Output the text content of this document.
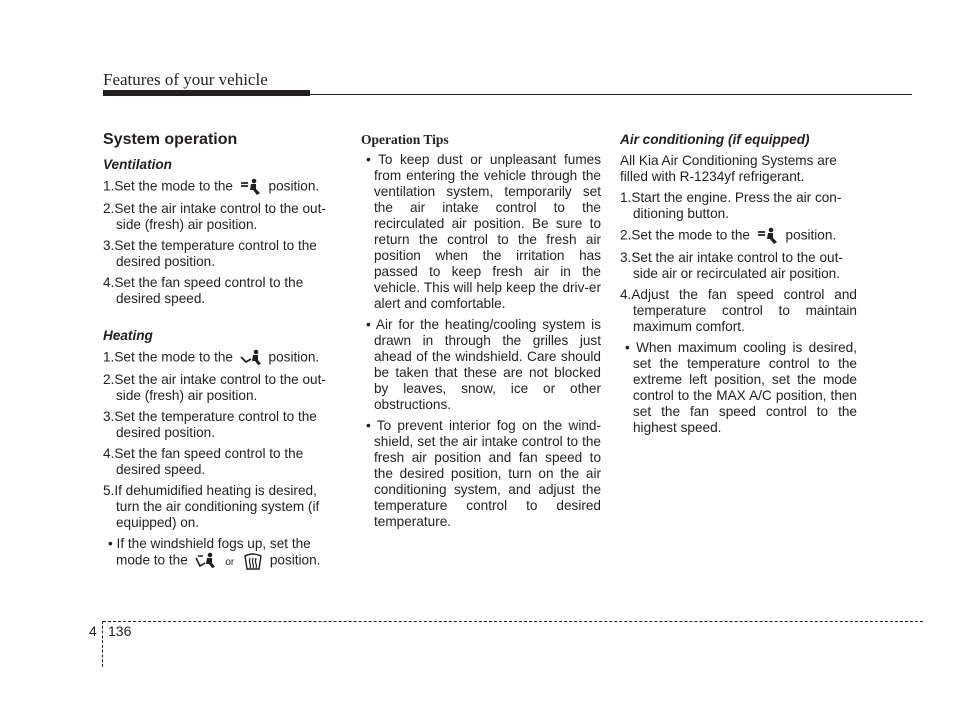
Features of your vehicle
System operation
Ventilation
1.Set the mode to the	position.
2.Set the air intake control to the out-side (fresh) air position.
3.Set the temperature control to the desired position.
4.Set the fan speed control to the desired speed.
Heating
1.Set the mode to the	position.
2.Set the air intake control to the out-side (fresh) air position.
3.Set the temperature control to the desired position.
4.Set the fan speed control to the desired speed.
5.If dehumidified heating is desired, turn the air conditioning system (if equipped) on.
• If the windshield fogs up, set the mode to the	or	position.
Operation Tips
• To keep dust or unpleasant fumes from entering the vehicle through the ventilation system, temporarily set the air intake control to the recirculated air position. Be sure to return the control to the fresh air position when the irritation has passed to keep fresh air in the vehicle. This will help keep the driv-er alert and comfortable.
• Air for the heating/cooling system is drawn in through the grilles just ahead of the windshield. Care should be taken that these are not blocked by leaves, snow, ice or other obstructions.
• To prevent interior fog on the wind-shield, set the air intake control to the fresh air position and fan speed to the desired position, turn on the air conditioning system, and adjust the temperature control to desired temperature.
Air conditioning (if equipped)
All Kia Air Conditioning Systems are filled with R-1234yf refrigerant.
1.Start the engine. Press the air con-ditioning button.
2.Set the mode to the	position.
3.Set the air intake control to the out-side air or recirculated air position.
4.Adjust the fan speed control and temperature control to maintain maximum comfort.
• When maximum cooling is desired, set the temperature control to the extreme left position, set the mode control to the MAX A/C position, then set the fan speed control to the highest speed.
4 136
